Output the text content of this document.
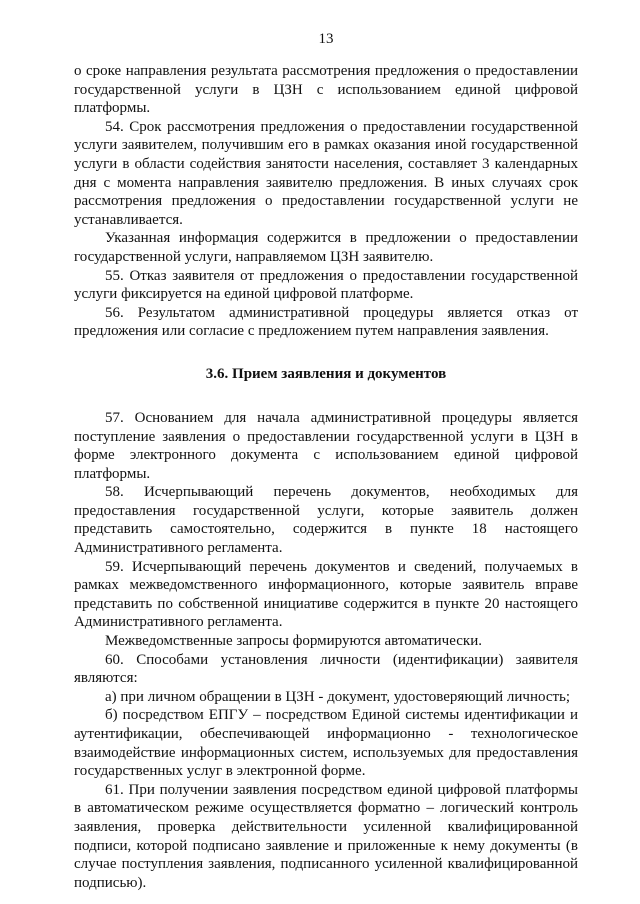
13

о сроке направления результата рассмотрения предложения о предоставлении государственной услуги в ЦЗН с использованием единой цифровой платформы.

54. Срок рассмотрения предложения о предоставлении государственной услуги заявителем, получившим его в рамках оказания иной государственной услуги в области содействия занятости населения, составляет 3 календарных дня с момента направления заявителю предложения. В иных случаях срок рассмотрения предложения о предоставлении государственной услуги не устанавливается.

Указанная информация содержится в предложении о предоставлении государственной услуги, направляемом ЦЗН заявителю.

55. Отказ заявителя от предложения о предоставлении государственной услуги фиксируется на единой цифровой платформе.

56. Результатом административной процедуры является отказ от предложения или согласие с предложением путем направления заявления.

3.6. Прием заявления и документов

57. Основанием для начала административной процедуры является поступление заявления о предоставлении государственной услуги в ЦЗН в форме электронного документа с использованием единой цифровой платформы.

58. Исчерпывающий перечень документов, необходимых для предоставления государственной услуги, которые заявитель должен представить самостоятельно, содержится в пункте 18 настоящего Административного регламента.

59. Исчерпывающий перечень документов и сведений, получаемых в рамках межведомственного информационного, которые заявитель вправе представить по собственной инициативе содержится в пункте 20 настоящего Административного регламента.

Межведомственные запросы формируются автоматически.

60. Способами установления личности (идентификации) заявителя являются:

а) при личном обращении в ЦЗН - документ, удостоверяющий личность;

б) посредством ЕПГУ – посредством Единой системы идентификации и аутентификации, обеспечивающей информационно - технологическое взаимодействие информационных систем, используемых для предоставления государственных услуг в электронной форме.

61. При получении заявления посредством единой цифровой платформы в автоматическом режиме осуществляется форматно – логический контроль заявления, проверка действительности усиленной квалифицированной подписи, которой подписано заявление и приложенные к нему документы (в случае поступления заявления, подписанного усиленной квалифицированной подписью).
